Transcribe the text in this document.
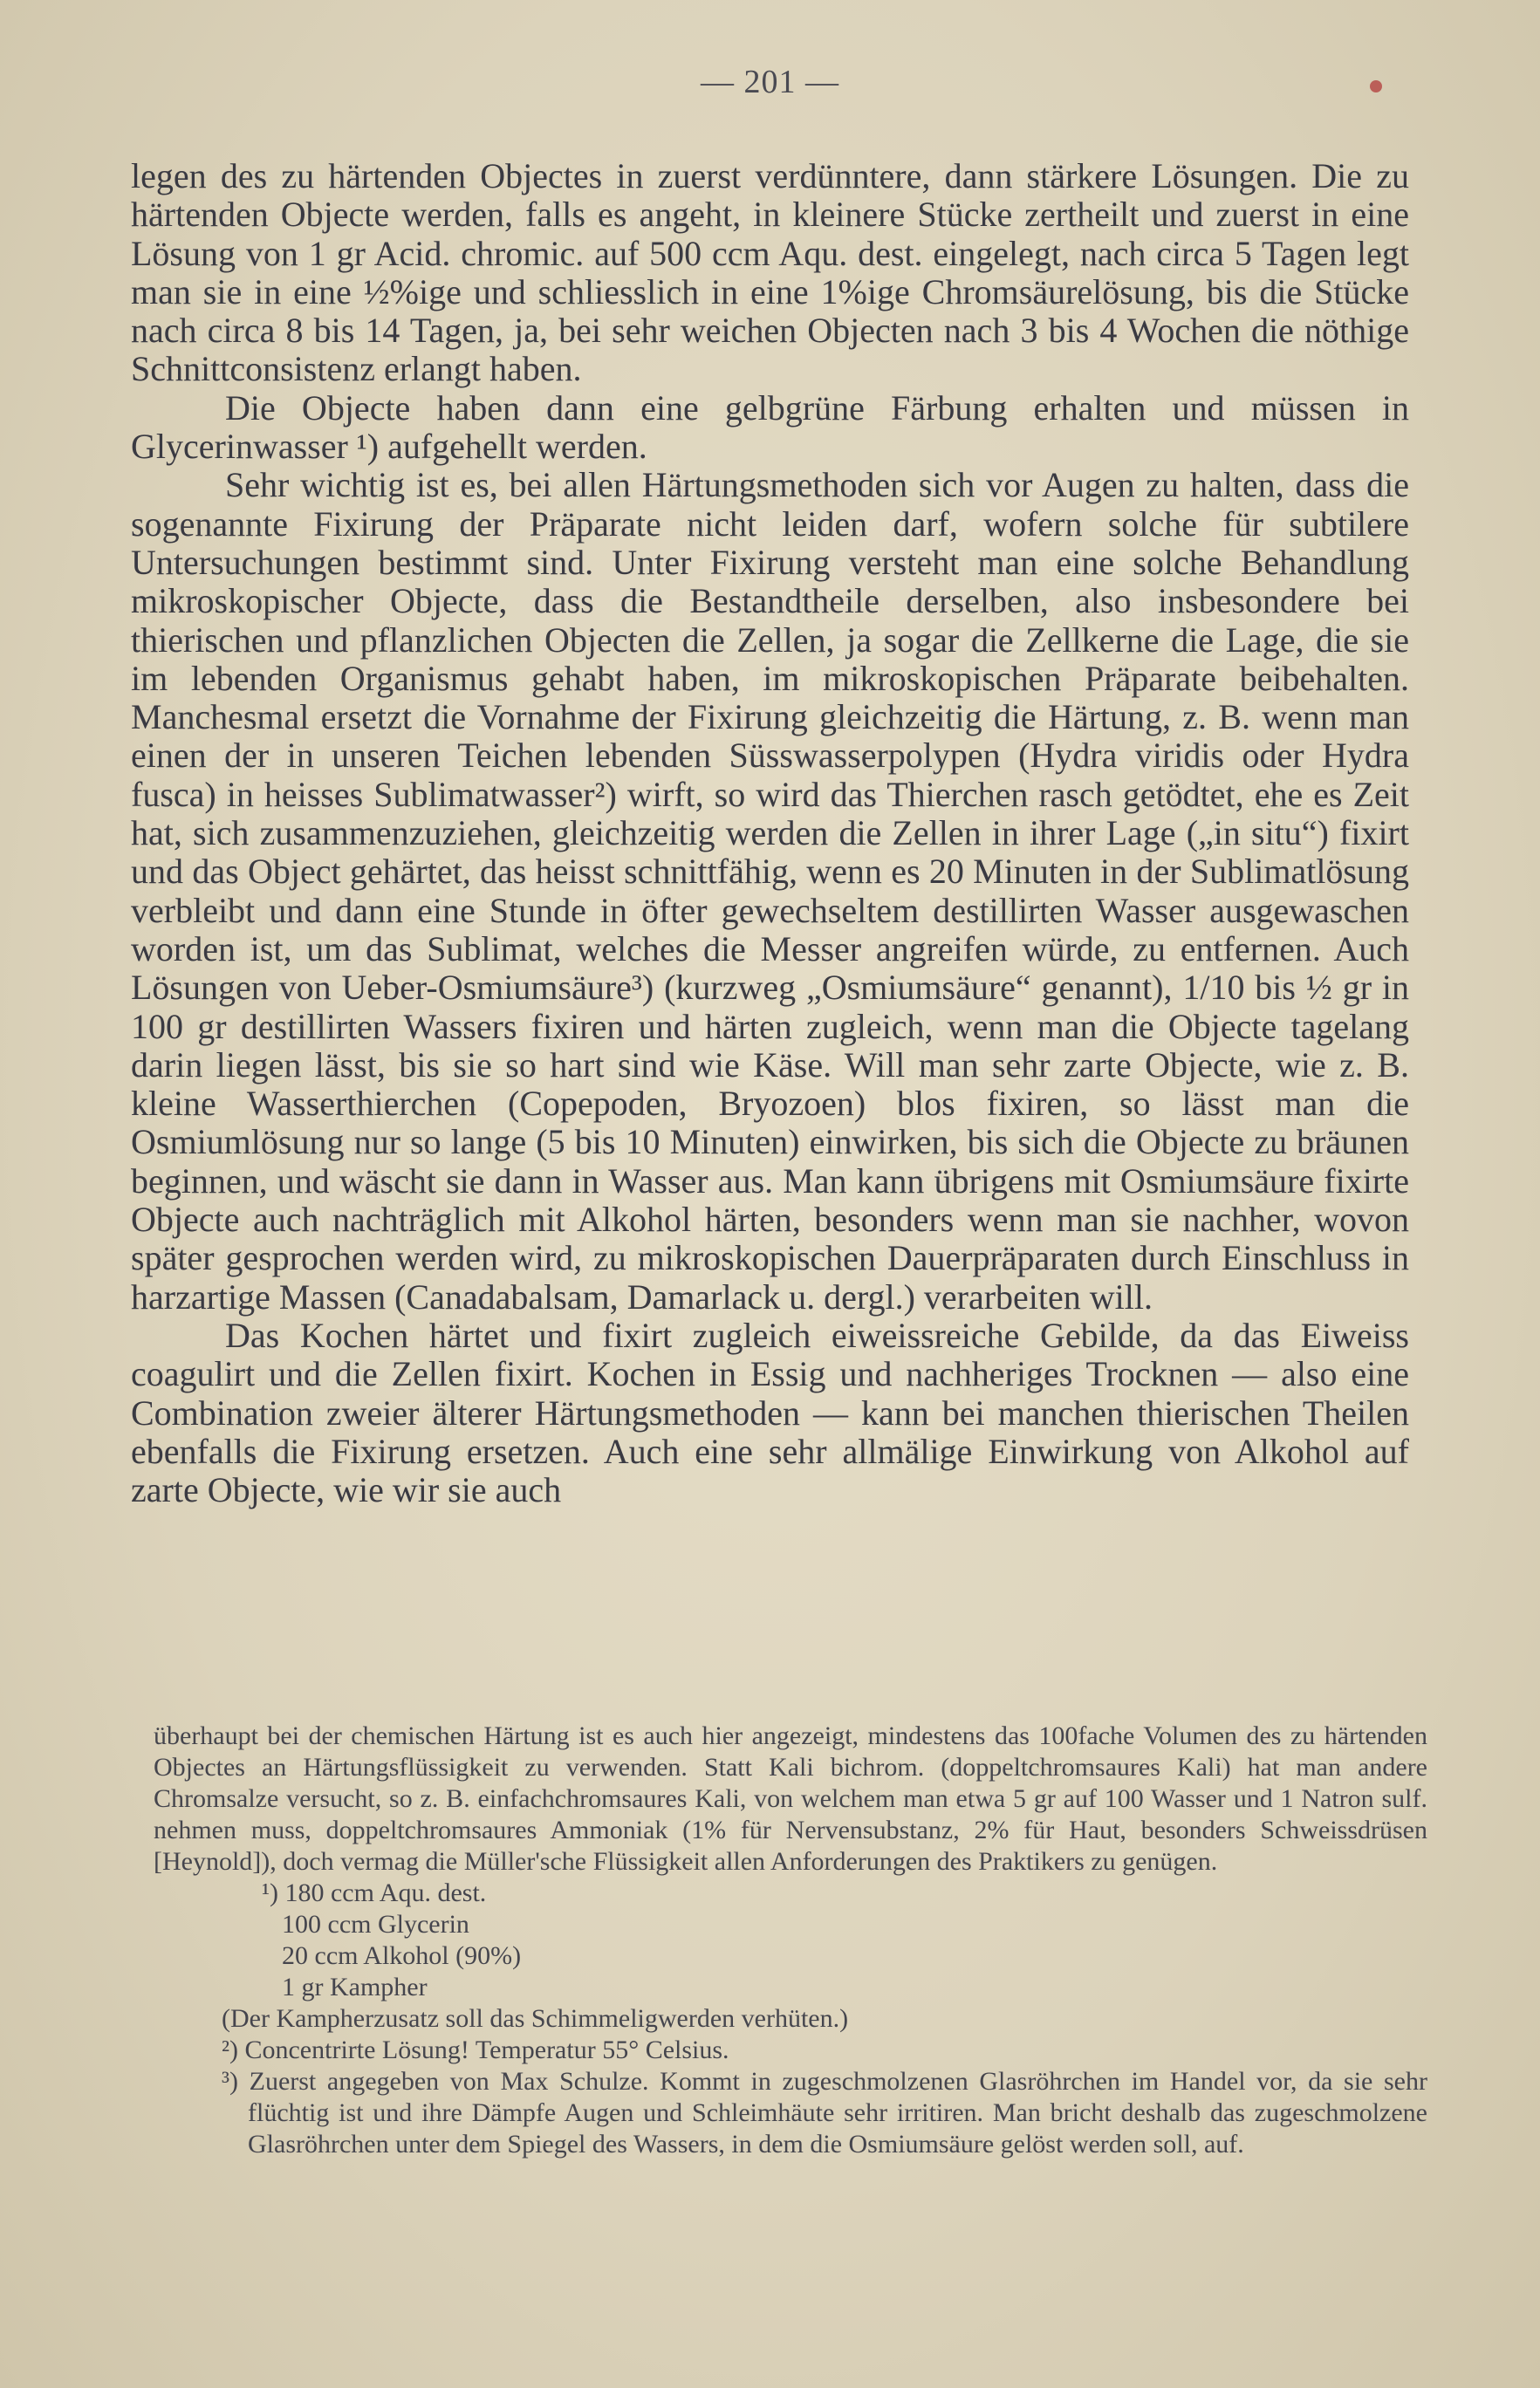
— 201 —

legen des zu härtenden Objectes in zuerst verdünntere, dann stärkere Lösungen. Die zu härtenden Objecte werden, falls es angeht, in kleinere Stücke zertheilt und zuerst in eine Lösung von 1 gr Acid. chromic. auf 500 ccm Aqu. dest. eingelegt, nach circa 5 Tagen legt man sie in eine ½%ige und schliesslich in eine 1%ige Chromsäurelösung, bis die Stücke nach circa 8 bis 14 Tagen, ja, bei sehr weichen Objecten nach 3 bis 4 Wochen die nöthige Schnittconsistenz erlangt haben.

Die Objecte haben dann eine gelbgrüne Färbung erhalten und müssen in Glycerinwasser ¹) aufgehellt werden.

Sehr wichtig ist es, bei allen Härtungsmethoden sich vor Augen zu halten, dass die sogenannte Fixirung der Präparate nicht leiden darf, wofern solche für subtilere Untersuchungen bestimmt sind. Unter Fixirung versteht man eine solche Behandlung mikroskopischer Objecte, dass die Bestandtheile derselben, also insbesondere bei thierischen und pflanzlichen Objecten die Zellen, ja sogar die Zellkerne die Lage, die sie im lebenden Organismus gehabt haben, im mikroskopischen Präparate beibehalten. Manchesmal ersetzt die Vornahme der Fixirung gleichzeitig die Härtung, z. B. wenn man einen der in unseren Teichen lebenden Süsswasserpolypen (Hydra viridis oder Hydra fusca) in heisses Sublimatwasser²) wirft, so wird das Thierchen rasch getödtet, ehe es Zeit hat, sich zusammenzuziehen, gleichzeitig werden die Zellen in ihrer Lage („in situ“) fixirt und das Object gehärtet, das heisst schnittfähig, wenn es 20 Minuten in der Sublimatlösung verbleibt und dann eine Stunde in öfter gewechseltem destillirten Wasser ausgewaschen worden ist, um das Sublimat, welches die Messer angreifen würde, zu entfernen. Auch Lösungen von Ueber-Osmiumsäure³) (kurzweg „Osmiumsäure“ genannt), 1/10 bis ½ gr in 100 gr destillirten Wassers fixiren und härten zugleich, wenn man die Objecte tagelang darin liegen lässt, bis sie so hart sind wie Käse. Will man sehr zarte Objecte, wie z. B. kleine Wasserthierchen (Copepoden, Bryozoen) blos fixiren, so lässt man die Osmiumlösung nur so lange (5 bis 10 Minuten) einwirken, bis sich die Objecte zu bräunen beginnen, und wäscht sie dann in Wasser aus. Man kann übrigens mit Osmiumsäure fixirte Objecte auch nachträglich mit Alkohol härten, besonders wenn man sie nachher, wovon später gesprochen werden wird, zu mikroskopischen Dauerpräparaten durch Einschluss in harzartige Massen (Canadabalsam, Damarlack u. dergl.) verarbeiten will.

Das Kochen härtet und fixirt zugleich eiweissreiche Gebilde, da das Eiweiss coagulirt und die Zellen fixirt. Kochen in Essig und nachheriges Trocknen — also eine Combination zweier älterer Härtungsmethoden — kann bei manchen thierischen Theilen ebenfalls die Fixirung ersetzen. Auch eine sehr allmälige Einwirkung von Alkohol auf zarte Objecte, wie wir sie auch

überhaupt bei der chemischen Härtung ist es auch hier angezeigt, mindestens das 100fache Volumen des zu härtenden Objectes an Härtungsflüssigkeit zu verwenden. Statt Kali bichrom. (doppeltchromsaures Kali) hat man andere Chromsalze versucht, so z. B. einfachchromsaures Kali, von welchem man etwa 5 gr auf 100 Wasser und 1 Natron sulf. nehmen muss, doppeltchromsaures Ammoniak (1% für Nervensubstanz, 2% für Haut, besonders Schweissdrüsen [Heynold]), doch vermag die Müller'sche Flüssigkeit allen Anforderungen des Praktikers zu genügen.

¹) 180 ccm Aqu. dest.

100 ccm Glycerin

20 ccm Alkohol (90%)

1 gr Kampher

(Der Kampherzusatz soll das Schimmeligwerden verhüten.)

²) Concentrirte Lösung! Temperatur 55° Celsius.

³) Zuerst angegeben von Max Schulze. Kommt in zugeschmolzenen Glasröhrchen im Handel vor, da sie sehr flüchtig ist und ihre Dämpfe Augen und Schleimhäute sehr irritiren. Man bricht deshalb das zugeschmolzene Glasröhrchen unter dem Spiegel des Wassers, in dem die Osmiumsäure gelöst werden soll, auf.
